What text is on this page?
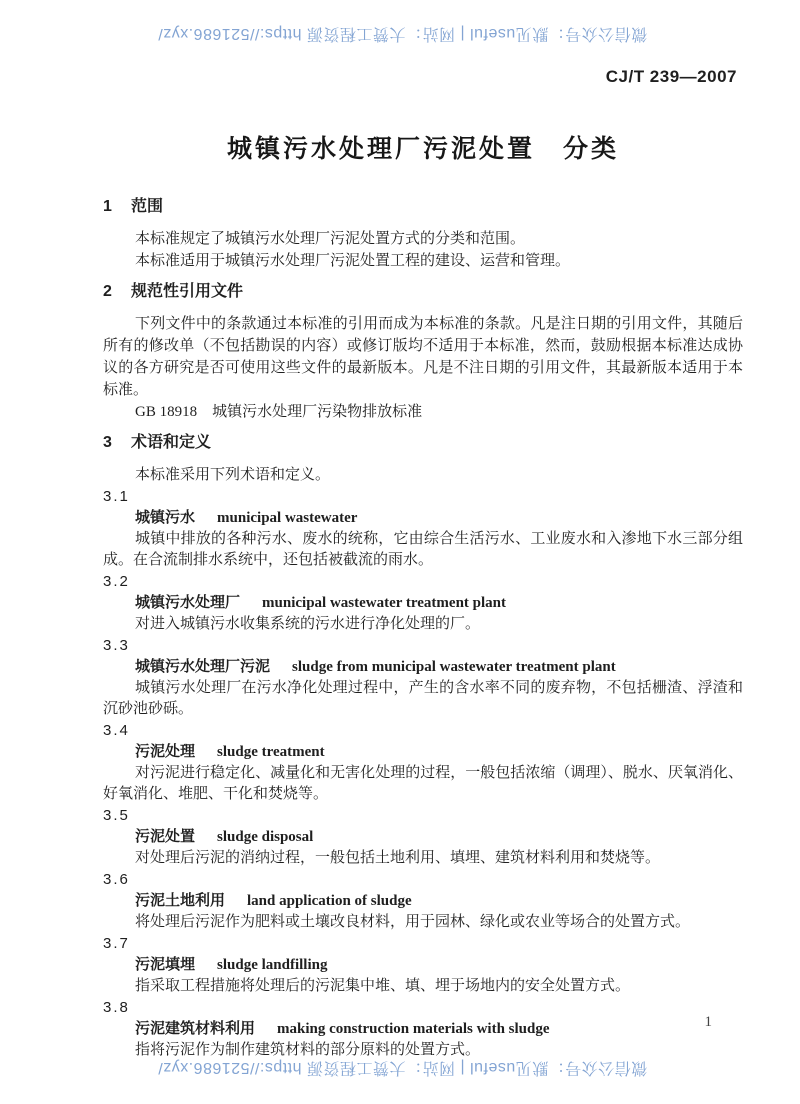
微信公众号：默见useful | 网站：大赞工程资源 https://521686.xyz/
CJ/T 239—2007
城镇污水处理厂污泥处置　分类
1 范围

本标准规定了城镇污水处理厂污泥处置方式的分类和范围。

本标准适用于城镇污水处理厂污泥处置工程的建设、运营和管理。

2 规范性引用文件

下列文件中的条款通过本标准的引用而成为本标准的条款。凡是注日期的引用文件，其随后所有的修改单（不包括勘误的内容）或修订版均不适用于本标准，然而，鼓励根据本标准达成协议的各方研究是否可使用这些文件的最新版本。凡是不注日期的引用文件，其最新版本适用于本标准。

GB 18918　城镇污水处理厂污染物排放标准

3 术语和定义

本标准采用下列术语和定义。

3.1
城镇污水 municipal wastewater

城镇中排放的各种污水、废水的统称，它由综合生活污水、工业废水和入渗地下水三部分组成。在合流制排水系统中，还包括被截流的雨水。

3.2
城镇污水处理厂 municipal wastewater treatment plant

对进入城镇污水收集系统的污水进行净化处理的厂。

3.3
城镇污水处理厂污泥 sludge from municipal wastewater treatment plant

城镇污水处理厂在污水净化处理过程中，产生的含水率不同的废弃物，不包括栅渣、浮渣和沉砂池砂砾。

3.4
污泥处理 sludge treatment

对污泥进行稳定化、减量化和无害化处理的过程，一般包括浓缩（调理）、脱水、厌氧消化、好氧消化、堆肥、干化和焚烧等。

3.5
污泥处置 sludge disposal

对处理后污泥的消纳过程，一般包括土地利用、填埋、建筑材料利用和焚烧等。

3.6
污泥土地利用 land application of sludge

将处理后污泥作为肥料或土壤改良材料，用于园林、绿化或农业等场合的处置方式。

3.7
污泥填埋 sludge landfilling

指采取工程措施将处理后的污泥集中堆、填、埋于场地内的安全处置方式。

3.8
污泥建筑材料利用 making construction materials with sludge

指将污泥作为制作建筑材料的部分原料的处置方式。

1
微信公众号：默见useful | 网站：大赞工程资源 https://521686.xyz/
